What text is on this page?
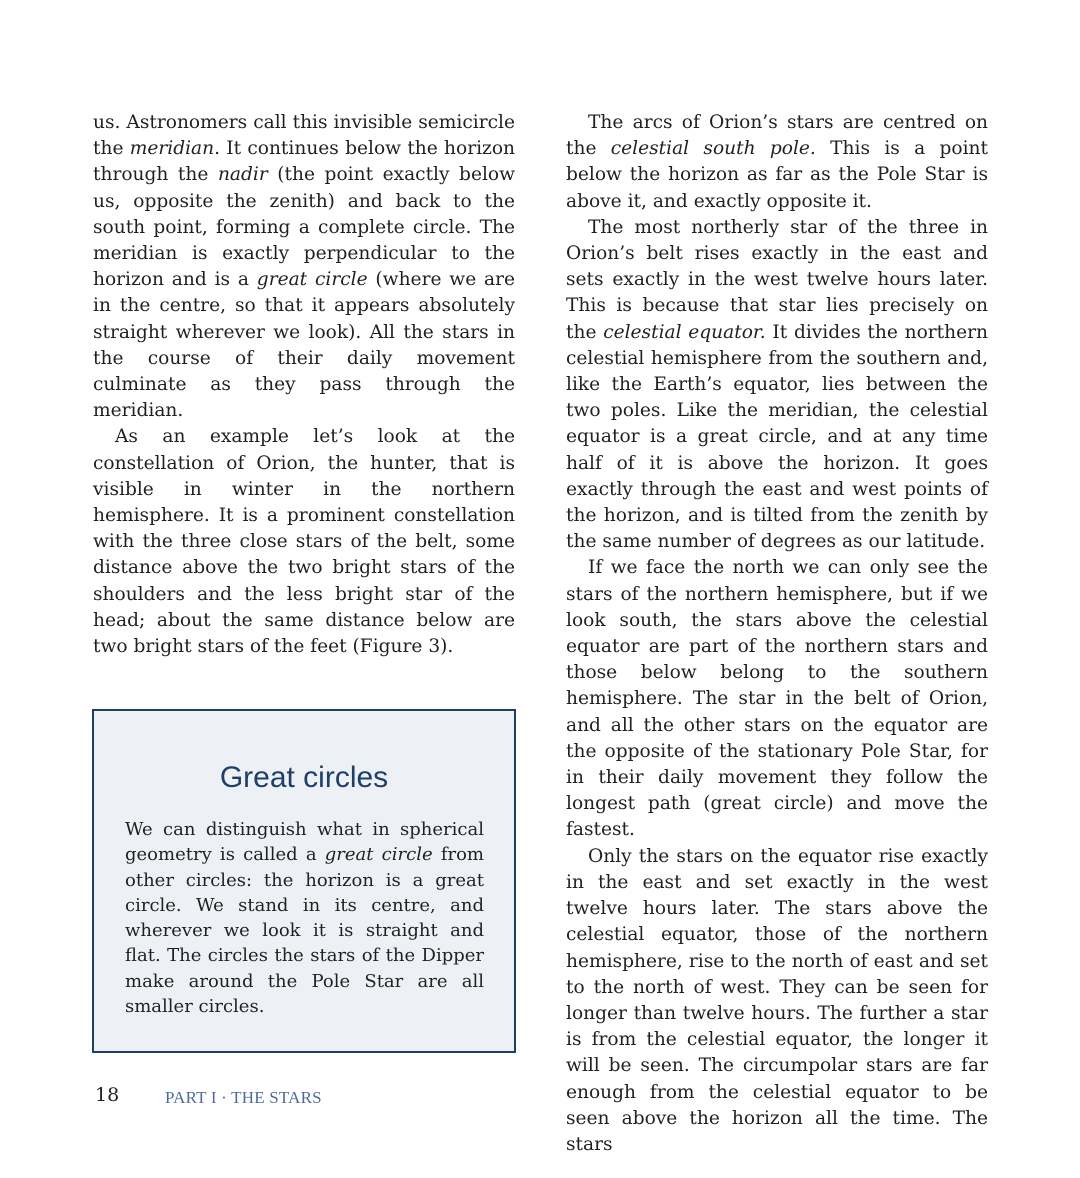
us. Astronomers call this invisible semicircle the meridian. It continues below the horizon through the nadir (the point exactly below us, opposite the zenith) and back to the south point, forming a complete circle. The meridian is exactly perpendicular to the horizon and is a great circle (where we are in the centre, so that it appears absolutely straight wherever we look). All the stars in the course of their daily movement culminate as they pass through the meridian.

As an example let’s look at the constellation of Orion, the hunter, that is visible in winter in the northern hemisphere. It is a prominent constellation with the three close stars of the belt, some distance above the two bright stars of the shoulders and the less bright star of the head; about the same distance below are two bright stars of the feet (Figure 3).

Great circles
We can distinguish what in spherical geometry is called a great circle from other circles: the horizon is a great circle. We stand in its centre, and wherever we look it is straight and flat. The circles the stars of the Dipper make around the Pole Star are all smaller circles.

The arcs of Orion’s stars are centred on the celestial south pole. This is a point below the horizon as far as the Pole Star is above it, and exactly opposite it.

The most northerly star of the three in Orion’s belt rises exactly in the east and sets exactly in the west twelve hours later. This is because that star lies precisely on the celestial equator. It divides the northern celestial hemisphere from the southern and, like the Earth’s equator, lies between the two poles. Like the meridian, the celestial equator is a great circle, and at any time half of it is above the horizon. It goes exactly through the east and west points of the horizon, and is tilted from the zenith by the same number of degrees as our latitude.

If we face the north we can only see the stars of the northern hemisphere, but if we look south, the stars above the celestial equator are part of the northern stars and those below belong to the southern hemisphere. The star in the belt of Orion, and all the other stars on the equator are the opposite of the stationary Pole Star, for in their daily movement they follow the longest path (great circle) and move the fastest.

Only the stars on the equator rise exactly in the east and set exactly in the west twelve hours later. The stars above the celestial equator, those of the northern hemisphere, rise to the north of east and set to the north of west. They can be seen for longer than twelve hours. The further a star is from the celestial equator, the longer it will be seen. The circumpolar stars are far enough from the celestial equator to be seen above the horizon all the time. The stars

18	PART I · THE STARS
